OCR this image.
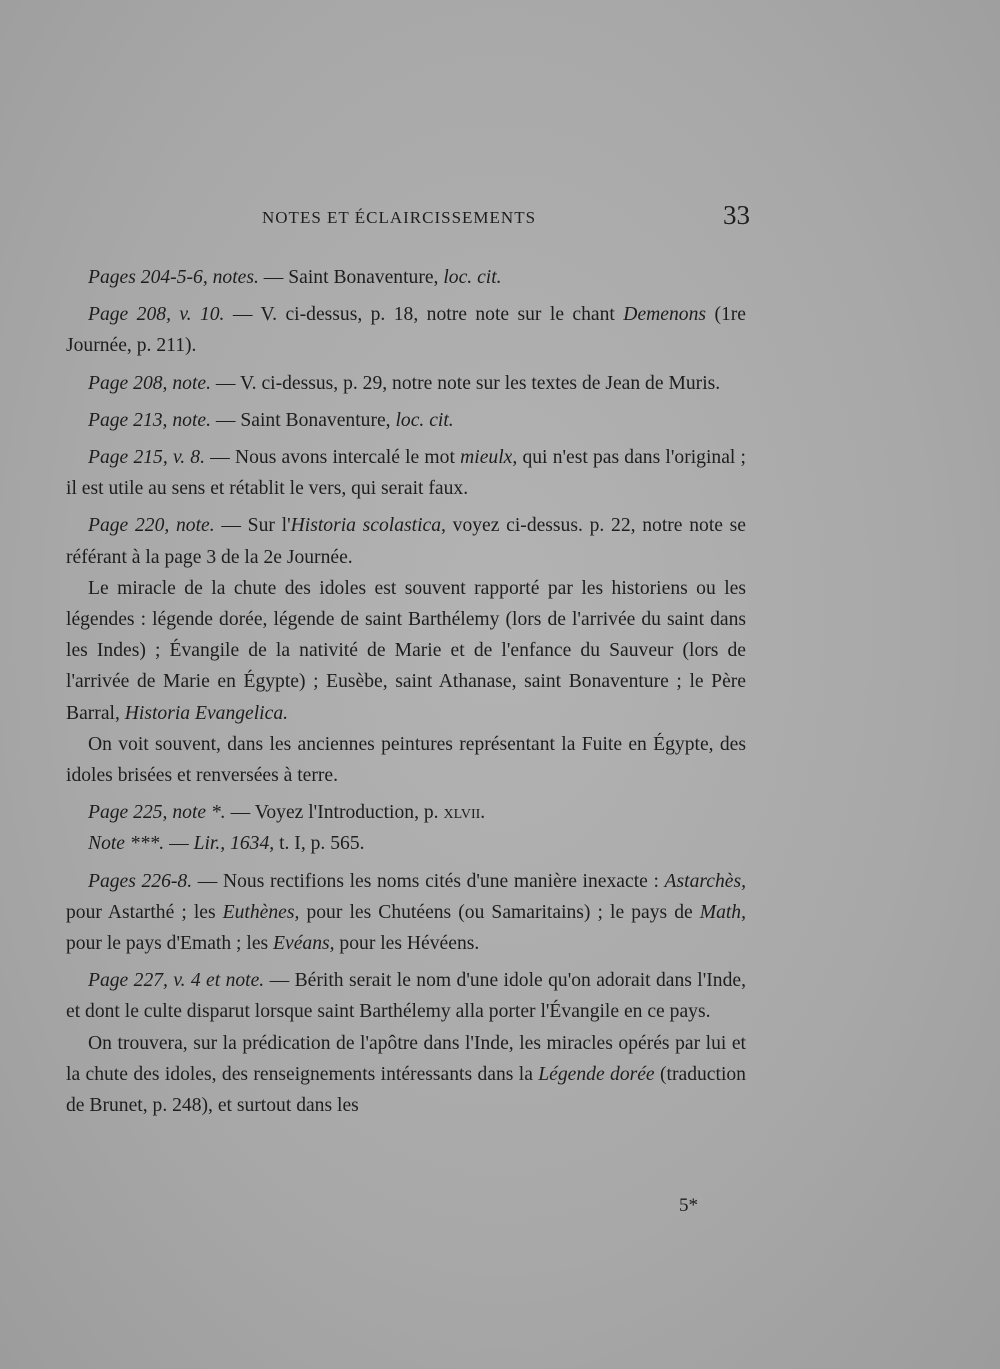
NOTES ET ÉCLAIRCISSEMENTS	33

Pages 204-5-6, notes. — Saint Bonaventure, loc. cit.

Page 208, v. 10. — V. ci-dessus, p. 18, notre note sur le chant Demenons (1re Journée, p. 211).

Page 208, note. — V. ci-dessus, p. 29, notre note sur les textes de Jean de Muris.

Page 213, note. — Saint Bonaventure, loc. cit.

Page 215, v. 8. — Nous avons intercalé le mot mieulx, qui n'est pas dans l'original ; il est utile au sens et rétablit le vers, qui serait faux.

Page 220, note. — Sur l'Historia scolastica, voyez ci-dessus. p. 22, notre note se référant à la page 3 de la 2e Journée.

Le miracle de la chute des idoles est souvent rapporté par les historiens ou les légendes : légende dorée, légende de saint Barthélemy (lors de l'arrivée du saint dans les Indes) ; Évangile de la nativité de Marie et de l'enfance du Sauveur (lors de l'arrivée de Marie en Égypte) ; Eusèbe, saint Athanase, saint Bonaventure ; le Père Barral, Historia Evangelica.

On voit souvent, dans les anciennes peintures représentant la Fuite en Égypte, des idoles brisées et renversées à terre.

Page 225, note *. — Voyez l'Introduction, p. xlvii.

Note ***. — Lir., 1634, t. I, p. 565.

Pages 226-8. — Nous rectifions les noms cités d'une manière inexacte : Astarchès, pour Astarthé ; les Euthènes, pour les Chutéens (ou Samaritains) ; le pays de Math, pour le pays d'Emath ; les Evéans, pour les Hévéens.

Page 227, v. 4 et note. — Bérith serait le nom d'une idole qu'on adorait dans l'Inde, et dont le culte disparut lorsque saint Barthélemy alla porter l'Évangile en ce pays.

On trouvera, sur la prédication de l'apôtre dans l'Inde, les miracles opérés par lui et la chute des idoles, des renseignements intéressants dans la Légende dorée (traduction de Brunet, p. 248), et surtout dans les

5*
